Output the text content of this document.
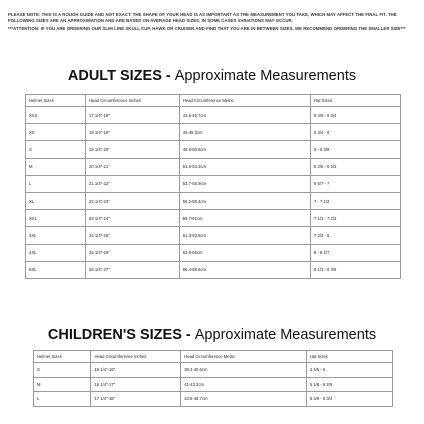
PLEASE NOTE: THIS IS A ROUGH GUIDE AND NOT EXACT. THE SHAPE OF YOUR HEAD IS AS IMPORTANT AS THE MEASUREMENT YOU TAKE, WHICH MAY AFFECT THE FINAL FIT. THE FOLLOWING SIZES ARE AN APPROXIMATION AND ARE BASED ON AVERAGE HEAD SIZES. IN SOME CASES VARIATIONS MAY OCCUR.

***ATTENTION: IF YOU ARE ORDERING OUR SLIM LINE SKULL CUP, HAWK OR CRUISER AND FIND THAT YOU ARE IN BETWEEN SIZES, WE RECOMMEND ORDERING THE SMALLER SIZE***

ADULT SIZES - Approximate Measurements
Helmet Sizes	Head Circumference Inches	Head Circumference Metric	Hat Sizes
XXS	17 1/4"-18"	43.5-45.7cm	5 4/9 - 5 3/4
XS	18 1/4"-19"	46-48.3cm	5 3/4 - 6
S	19 1/4"-20"	48.6-50.8cm	6 - 6 3/8
M	20 1/4"-21"	51.5-53.3cm	6 2/5 - 6 2/3
L	21 1/4"-22"	53.7-55.9cm	6 5/7 - 7
XL	22 1/4"-23"	56.2-58.4cm	7 - 7 1/3
XXL	23 1/4"-24"	58.7-61cm	7 1/3 - 7 2/3
3XL	24 1/4"-25"	61.3-63.5cm	7 2/3 - 8
4XL	25 1/4"-26"	63.8-66cm	8 - 8 2/7
5XL	26 1/4"-27"	66.4-68.6cm	8 1/3 - 8 3/5
CHILDREN'S SIZES - Approximate Measurements
Helmet Sizes	Head Circumference Inches	Head Circumference Metric	Hat Sizes
S	15 1/4"-16"	38.4-40.6cm	4 4/5 - 5
M	16 1/4"-17"	41-43.2cm	5 1/8 - 5 2/5
L	17 1/4"-18"	43.5-45.7cm	5 4/9 - 5 3/4
